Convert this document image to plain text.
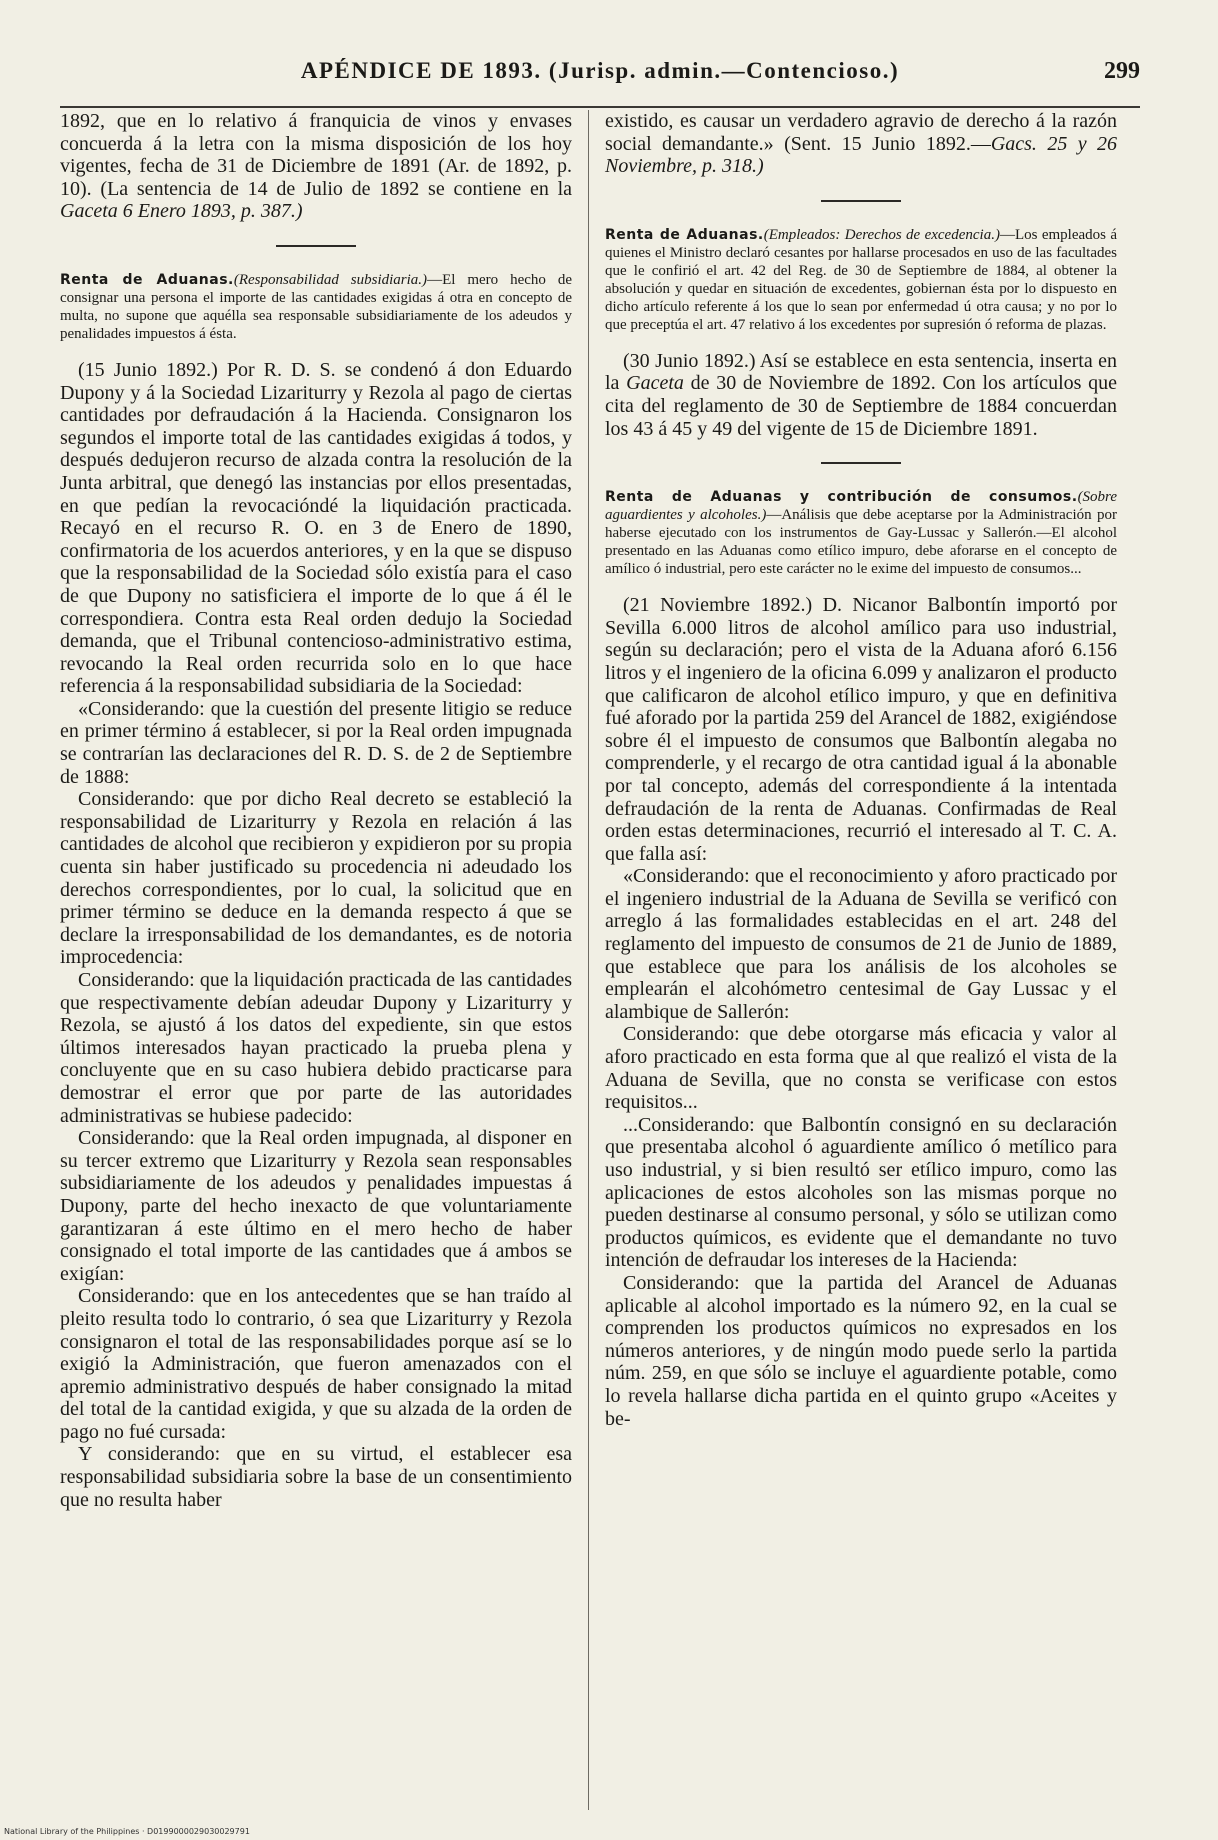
APÉNDICE DE 1893. (Jurisp. admin.—Contencioso.)	299

1892, que en lo relativo á franquicia de vinos y envases concuerda á la letra con la misma disposición de los hoy vigentes, fecha de 31 de Diciembre de 1891 (Ar. de 1892, p. 10). (La sentencia de 14 de Julio de 1892 se contiene en la Gaceta 6 Enero 1893, p. 387.)

Renta de Aduanas.(Responsabilidad subsidiaria.)—El mero hecho de consignar una persona el importe de las cantidades exigidas á otra en concepto de multa, no supone que aquélla sea responsable subsidiariamente de los adeudos y penalidades impuestos á ésta.

(15 Junio 1892.) Por R. D. S. se condenó á don Eduardo Dupony y á la Sociedad Lizariturry y Rezola al pago de ciertas cantidades por defraudación á la Hacienda. Consignaron los segundos el importe total de las cantidades exigidas á todos, y después dedujeron recurso de alzada contra la resolución de la Junta arbitral, que denegó las instancias por ellos presentadas, en que pedían la revocacióndé la liquidación practicada. Recayó en el recurso R. O. en 3 de Enero de 1890, confirmatoria de los acuerdos anteriores, y en la que se dispuso que la responsabilidad de la Sociedad sólo existía para el caso de que Dupony no satisficiera el importe de lo que á él le correspondiera. Contra esta Real orden dedujo la Sociedad demanda, que el Tribunal contencioso-administrativo estima, revocando la Real orden recurrida solo en lo que hace referencia á la responsabilidad subsidiaria de la Sociedad:

«Considerando: que la cuestión del presente litigio se reduce en primer término á establecer, si por la Real orden impugnada se contrarían las declaraciones del R. D. S. de 2 de Septiembre de 1888:

Considerando: que por dicho Real decreto se estableció la responsabilidad de Lizariturry y Rezola en relación á las cantidades de alcohol que recibieron y expidieron por su propia cuenta sin haber justificado su procedencia ni adeudado los derechos correspondientes, por lo cual, la solicitud que en primer término se deduce en la demanda respecto á que se declare la irresponsabilidad de los demandantes, es de notoria improcedencia:

Considerando: que la liquidación practicada de las cantidades que respectivamente debían adeudar Dupony y Lizariturry y Rezola, se ajustó á los datos del expediente, sin que estos últimos interesados hayan practicado la prueba plena y concluyente que en su caso hubiera debido practicarse para demostrar el error que por parte de las autoridades administrativas se hubiese padecido:

Considerando: que la Real orden impugnada, al disponer en su tercer extremo que Lizariturry y Rezola sean responsables subsidiariamente de los adeudos y penalidades impuestas á Dupony, parte del hecho inexacto de que voluntariamente garantizaran á este último en el mero hecho de haber consignado el total importe de las cantidades que á ambos se exigían:

Considerando: que en los antecedentes que se han traído al pleito resulta todo lo contrario, ó sea que Lizariturry y Rezola consignaron el total de las responsabilidades porque así se lo exigió la Administración, que fueron amenazados con el apremio administrativo después de haber consignado la mitad del total de la cantidad exigida, y que su alzada de la orden de pago no fué cursada:

Y considerando: que en su virtud, el establecer esa responsabilidad subsidiaria sobre la base de un consentimiento que no resulta haber

existido, es causar un verdadero agravio de derecho á la razón social demandante.» (Sent. 15 Junio 1892.—Gacs. 25 y 26 Noviembre, p. 318.)

Renta de Aduanas.(Empleados: Derechos de excedencia.)—Los empleados á quienes el Ministro declaró cesantes por hallarse procesados en uso de las facultades que le confirió el art. 42 del Reg. de 30 de Septiembre de 1884, al obtener la absolución y quedar en situación de excedentes, gobiernan ésta por lo dispuesto en dicho artículo referente á los que lo sean por enfermedad ú otra causa; y no por lo que preceptúa el art. 47 relativo á los excedentes por supresión ó reforma de plazas.

(30 Junio 1892.) Así se establece en esta sentencia, inserta en la Gaceta de 30 de Noviembre de 1892. Con los artículos que cita del reglamento de 30 de Septiembre de 1884 concuerdan los 43 á 45 y 49 del vigente de 15 de Diciembre 1891.

Renta de Aduanas y contribución de consumos.(Sobre aguardientes y alcoholes.)—Análisis que debe aceptarse por la Administración por haberse ejecutado con los instrumentos de Gay-Lussac y Sallerón.—El alcohol presentado en las Aduanas como etílico impuro, debe aforarse en el concepto de amílico ó industrial, pero este carácter no le exime del impuesto de consumos...

(21 Noviembre 1892.) D. Nicanor Balbontín importó por Sevilla 6.000 litros de alcohol amílico para uso industrial, según su declaración; pero el vista de la Aduana aforó 6.156 litros y el ingeniero de la oficina 6.099 y analizaron el producto que calificaron de alcohol etílico impuro, y que en definitiva fué aforado por la partida 259 del Arancel de 1882, exigiéndose sobre él el impuesto de consumos que Balbontín alegaba no comprenderle, y el recargo de otra cantidad igual á la abonable por tal concepto, además del correspondiente á la intentada defraudación de la renta de Aduanas. Confirmadas de Real orden estas determinaciones, recurrió el interesado al T. C. A. que falla así:

«Considerando: que el reconocimiento y aforo practicado por el ingeniero industrial de la Aduana de Sevilla se verificó con arreglo á las formalidades establecidas en el art. 248 del reglamento del impuesto de consumos de 21 de Junio de 1889, que establece que para los análisis de los alcoholes se emplearán el alcohómetro centesimal de Gay Lussac y el alambique de Sallerón:

Considerando: que debe otorgarse más eficacia y valor al aforo practicado en esta forma que al que realizó el vista de la Aduana de Sevilla, que no consta se verificase con estos requisitos...

...Considerando: que Balbontín consignó en su declaración que presentaba alcohol ó aguardiente amílico ó metílico para uso industrial, y si bien resultó ser etílico impuro, como las aplicaciones de estos alcoholes son las mismas porque no pueden destinarse al consumo personal, y sólo se utilizan como productos químicos, es evidente que el demandante no tuvo intención de defraudar los intereses de la Hacienda:

Considerando: que la partida del Arancel de Aduanas aplicable al alcohol importado es la número 92, en la cual se comprenden los productos químicos no expresados en los números anteriores, y de ningún modo puede serlo la partida núm. 259, en que sólo se incluye el aguardiente potable, como lo revela hallarse dicha partida en el quinto grupo «Aceites y be-

National Library of the Philippines · D0199000029030029791
